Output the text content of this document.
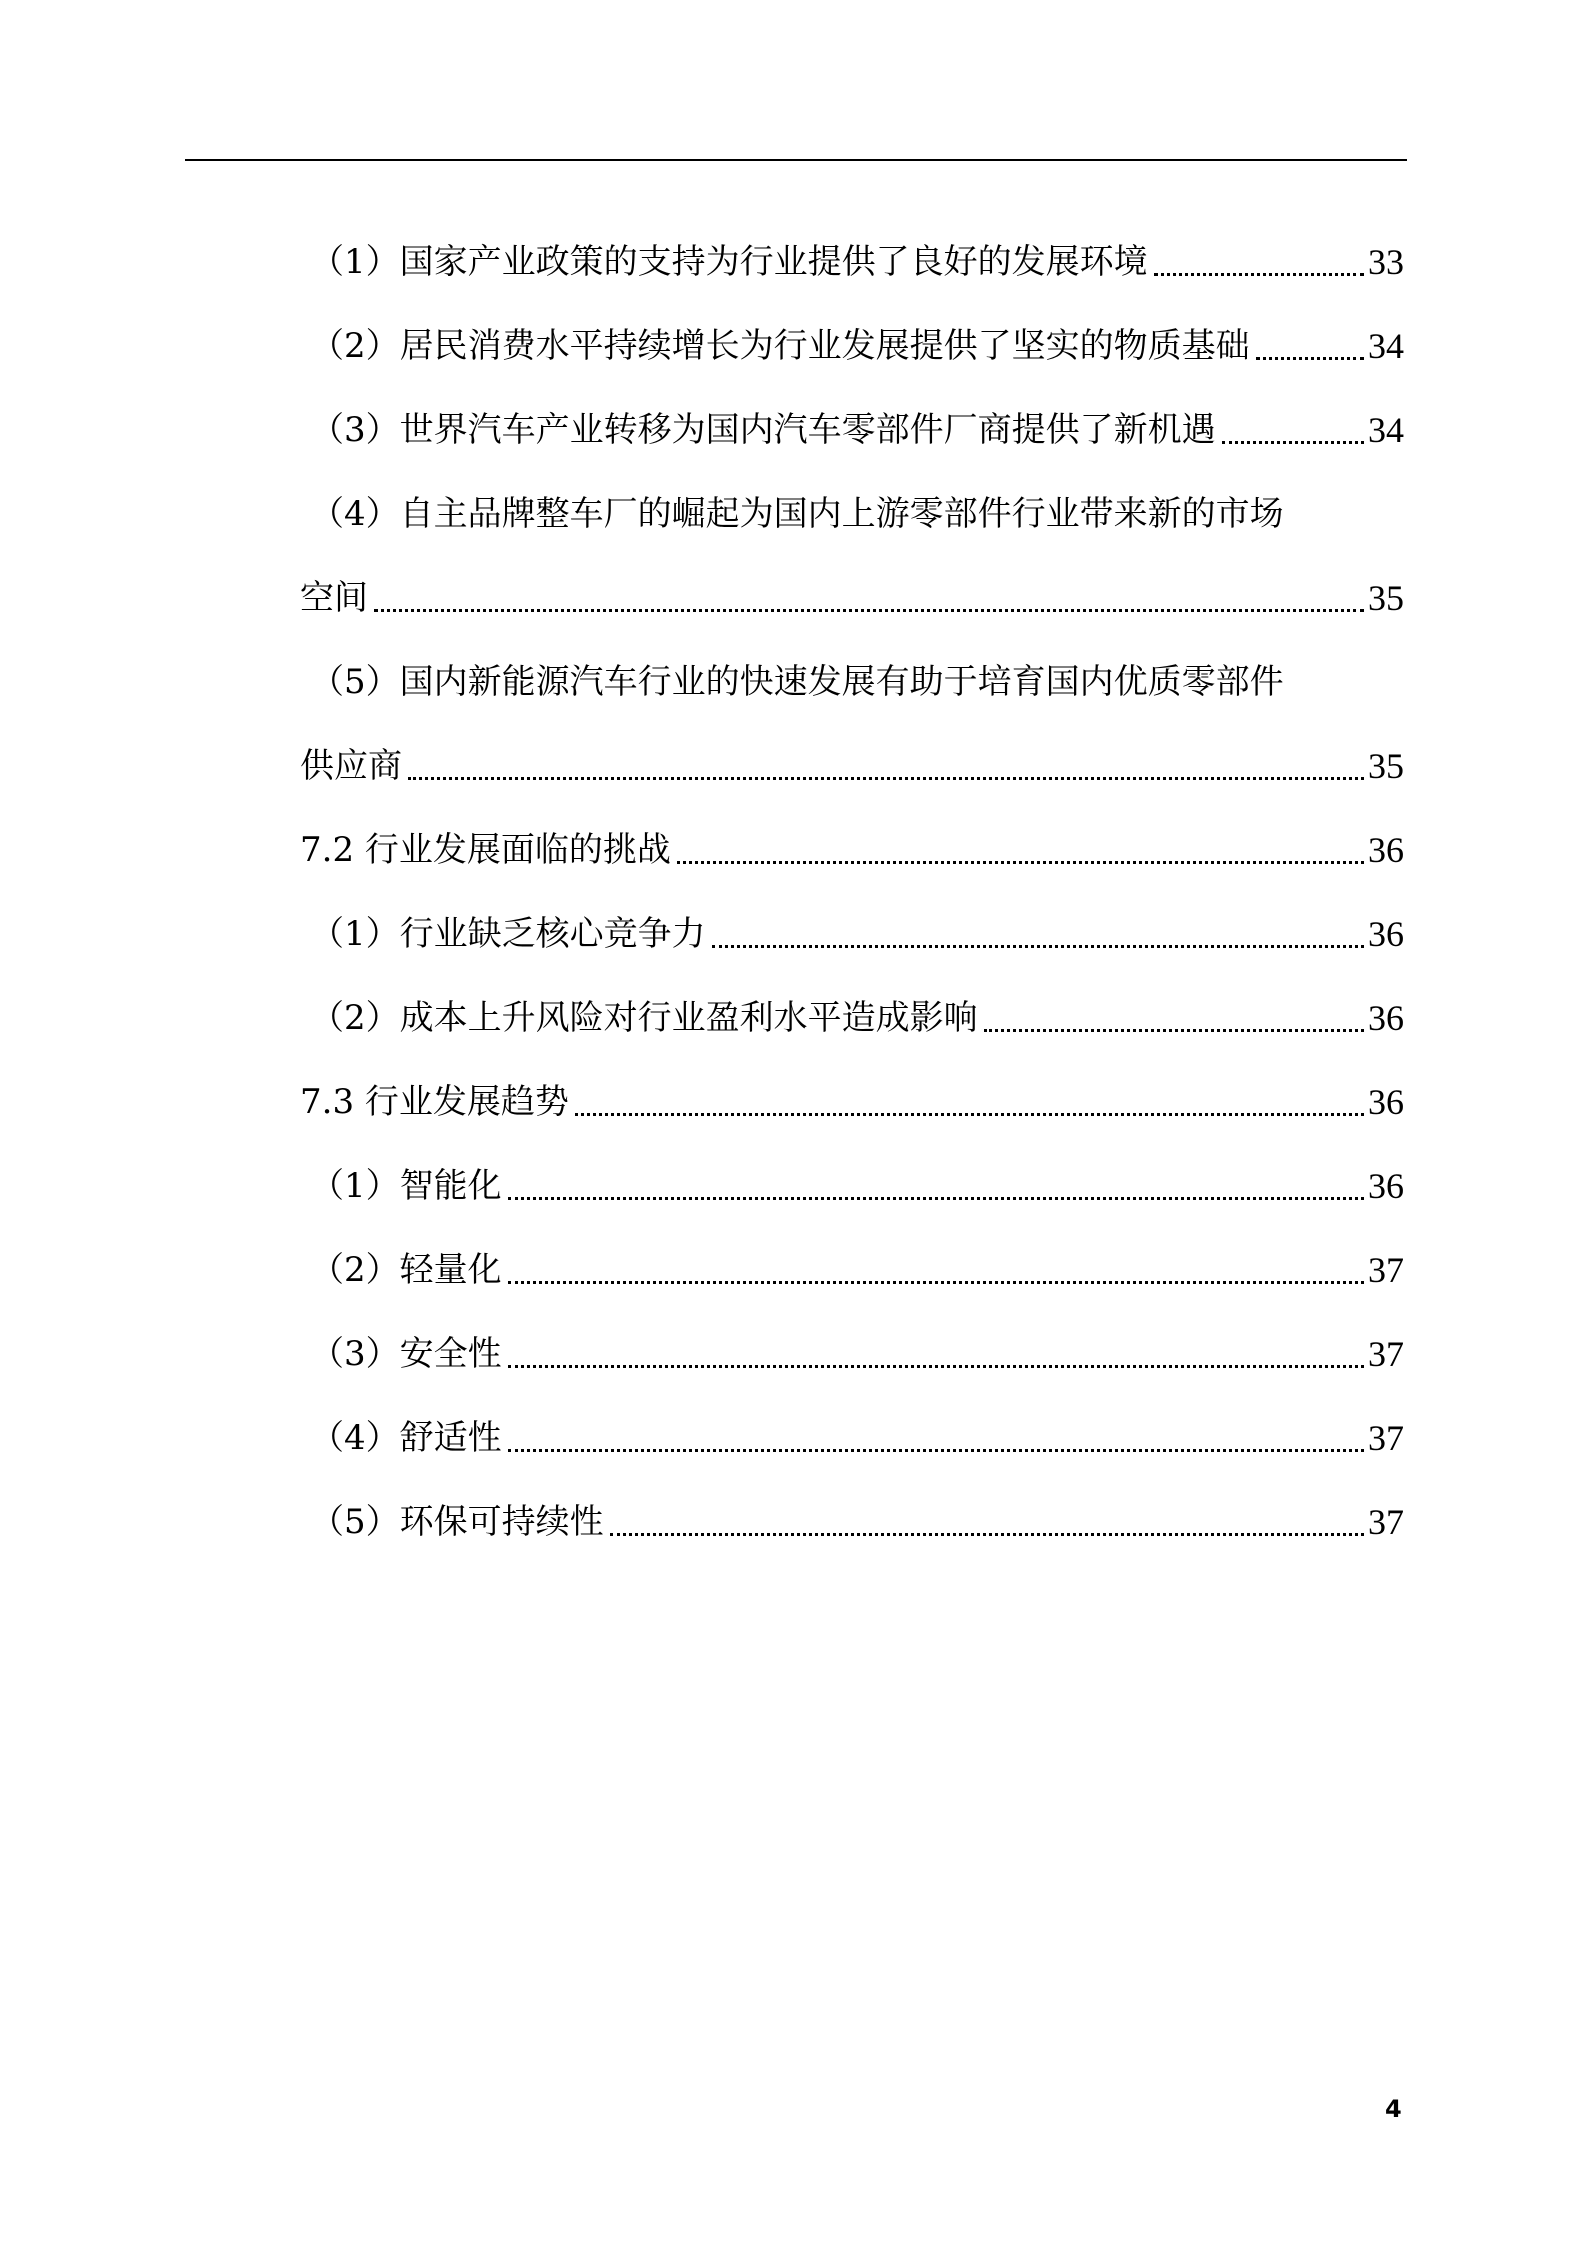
（1）国家产业政策的支持为行业提供了良好的发展环境	33
（2）居民消费水平持续增长为行业发展提供了坚实的物质基础	34
（3）世界汽车产业转移为国内汽车零部件厂商提供了新机遇	34
（4）自主品牌整车厂的崛起为国内上游零部件行业带来新的市场
空间	35
（5）国内新能源汽车行业的快速发展有助于培育国内优质零部件
供应商	35
7.2 行业发展面临的挑战	36
（1）行业缺乏核心竞争力	36
（2）成本上升风险对行业盈利水平造成影响	36
7.3 行业发展趋势	36
（1）智能化	36
（2）轻量化	37
（3）安全性	37
（4）舒适性	37
（5）环保可持续性	37
4
